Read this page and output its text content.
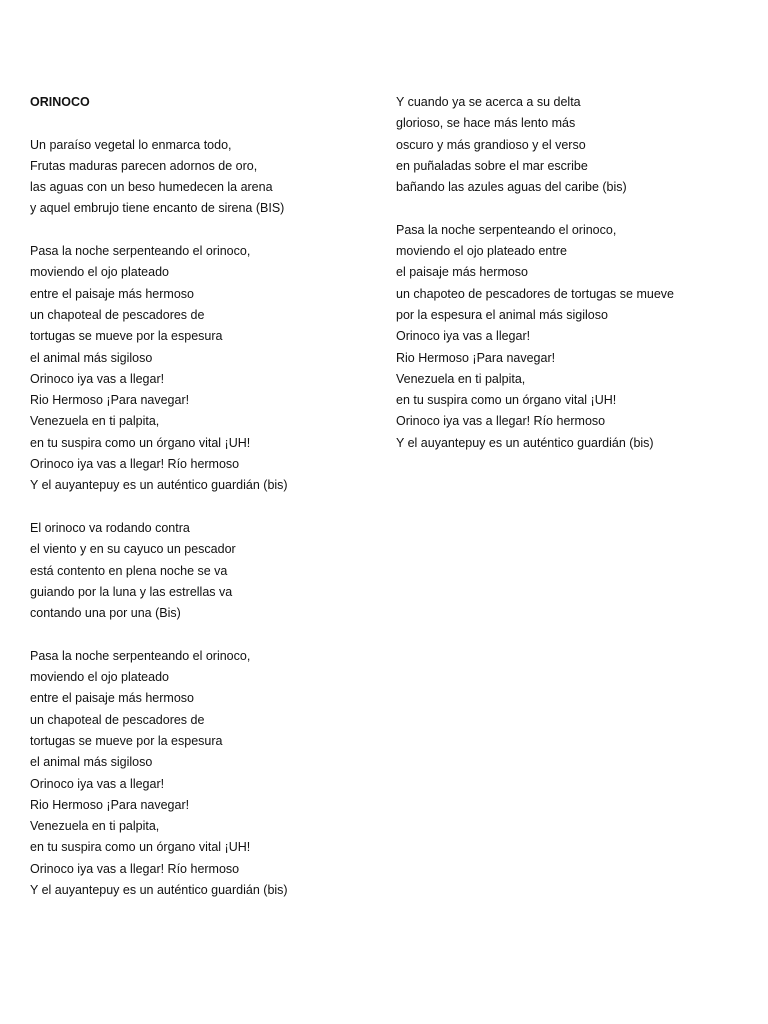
ORINOCO
Un paraíso vegetal lo enmarca todo,
Frutas maduras parecen adornos de oro,
las aguas con un beso humedecen la arena
y aquel embrujo tiene encanto de sirena (BIS)
Pasa la noche serpenteando el orinoco,
moviendo el ojo plateado
entre el paisaje más hermoso
un chapoteal de pescadores de
tortugas se mueve por la espesura
el animal más sigiloso
Orinoco iya vas a llegar!
Rio Hermoso ¡Para navegar!
Venezuela en ti palpita,
en tu suspira como un órgano vital ¡UH!
Orinoco iya vas a llegar! Río hermoso
Y el auyantepuy es un auténtico guardián (bis)
El orinoco va rodando contra
el viento y en su cayuco un pescador
está contento en plena noche se va
guiando por la luna y las estrellas va
contando una por una (Bis)
Pasa la noche serpenteando el orinoco,
moviendo el ojo plateado
entre el paisaje más hermoso
un chapoteal de pescadores de
tortugas se mueve por la espesura
el animal más sigiloso
Orinoco iya vas a llegar!
Rio Hermoso ¡Para navegar!
Venezuela en ti palpita,
en tu suspira como un órgano vital ¡UH!
Orinoco iya vas a llegar! Río hermoso
Y el auyantepuy es un auténtico guardián (bis)
Y cuando ya se acerca a su delta
glorioso, se hace más lento más
oscuro y más grandioso y el verso
en puñaladas sobre el mar escribe
bañando las azules aguas del caribe (bis)
Pasa la noche serpenteando el orinoco,
moviendo el ojo plateado entre
el paisaje más hermoso
un chapoteo de pescadores de tortugas se mueve
por la espesura el animal más sigiloso
Orinoco iya vas a llegar!
Rio Hermoso ¡Para navegar!
Venezuela en ti palpita,
en tu suspira como un órgano vital ¡UH!
Orinoco iya vas a llegar! Río hermoso
Y el auyantepuy es un auténtico guardián (bis)
